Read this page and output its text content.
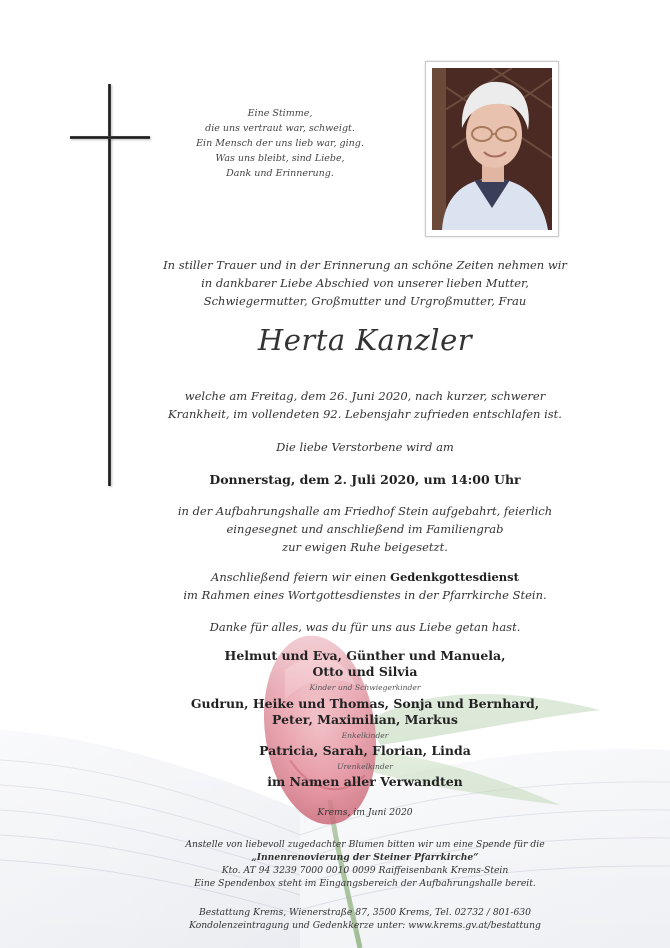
Eine Stimme,
die uns vertraut war, schweigt.
Ein Mensch der uns lieb war, ging.
Was uns bleibt, sind Liebe,
Dank und Erinnerung.
In stiller Trauer und in der Erinnerung an schöne Zeiten nehmen wir
in dankbarer Liebe Abschied von unserer lieben Mutter,
Schwiegermutter, Großmutter und Urgroßmutter, Frau
Herta Kanzler
welche am Freitag, dem 26. Juni 2020, nach kurzer, schwerer
Krankheit, im vollendeten 92. Lebensjahr zufrieden entschlafen ist.
Die liebe Verstorbene wird am
Donnerstag, dem 2. Juli 2020, um 14:00 Uhr
in der Aufbahrungshalle am Friedhof Stein aufgebahrt, feierlich
eingesegnet und anschließend im Familiengrab
zur ewigen Ruhe beigesetzt.
Anschließend feiern wir einen Gedenkgottesdienst
im Rahmen eines Wortgottesdienstes in der Pfarrkirche Stein.
Danke für alles, was du für uns aus Liebe getan hast.
Helmut und Eva, Günther und Manuela,
Otto und Silvia
Kinder und Schwiegerkinder
Gudrun, Heike und Thomas, Sonja und Bernhard,
Peter, Maximilian, Markus
Enkelkinder
Patricia, Sarah, Florian, Linda
Urenkelkinder
im Namen aller Verwandten
Krems, im Juni 2020
Anstelle von liebevoll zugedachter Blumen bitten wir um eine Spende für die
„Innenrenovierung der Steiner Pfarrkirche“
Kto. AT 94 3239 7000 0010 0099 Raiffeisenbank Krems-Stein
Eine Spendenbox steht im Eingangsbereich der Aufbahrungshalle bereit.
Bestattung Krems, Wienerstraße 87, 3500 Krems, Tel. 02732 / 801-630
Kondolenzeintragung und Gedenkkerze unter: www.krems.gv.at/bestattung
